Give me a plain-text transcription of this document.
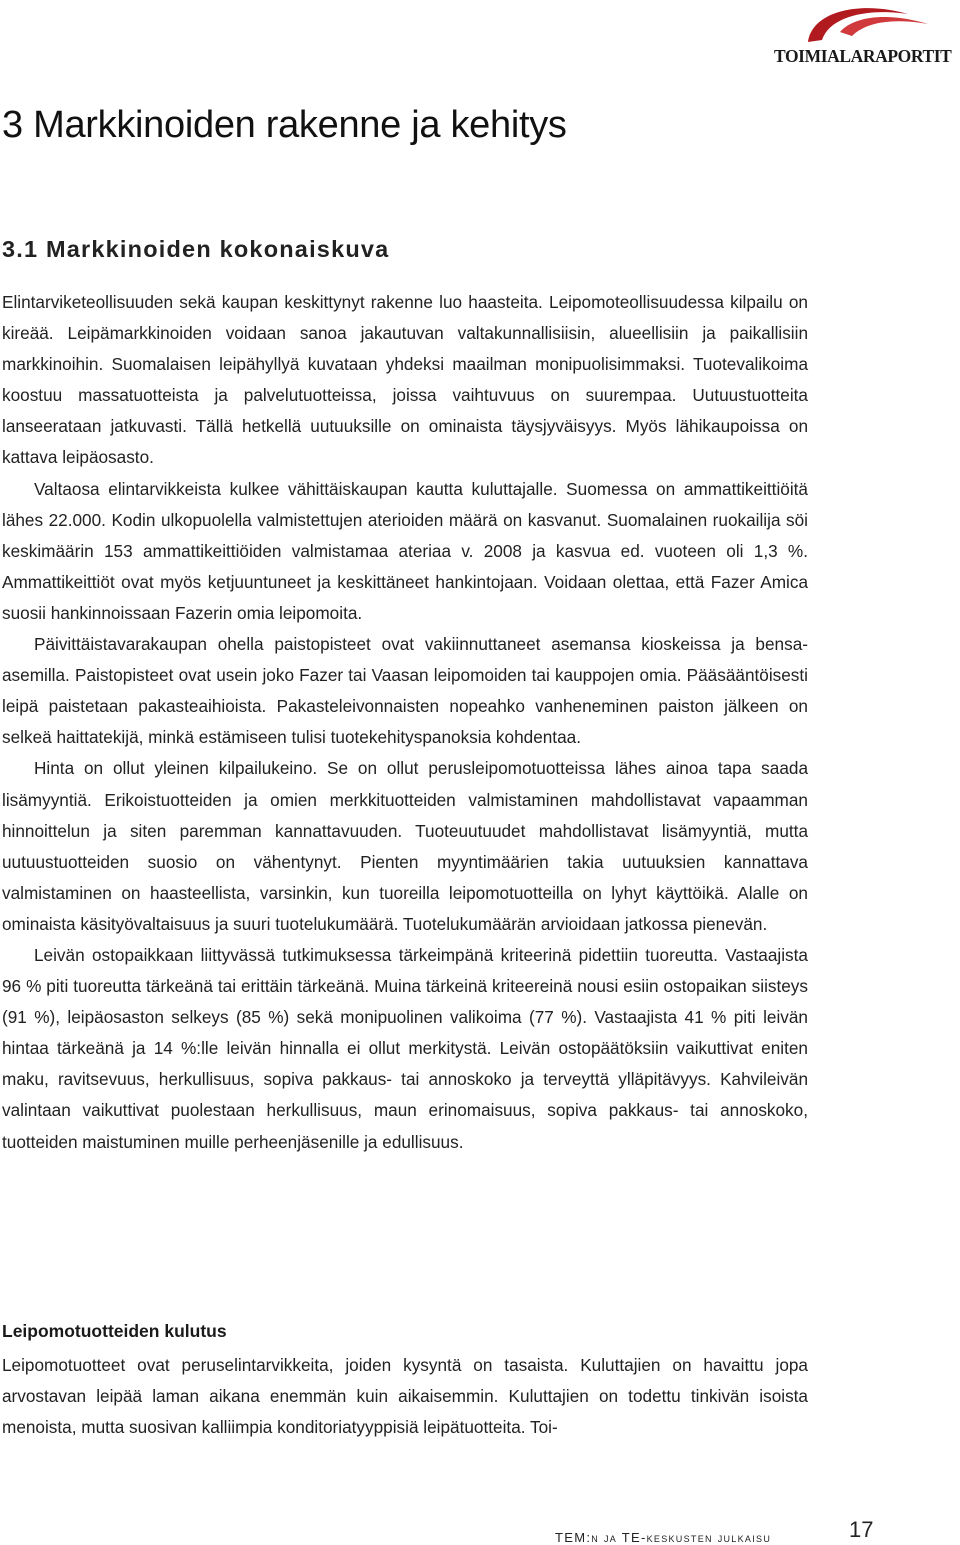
TOIMIALARAPORTIT
3 Markkinoiden rakenne ja kehitys
3.1 Markkinoiden kokonaiskuva

Elintarviketeollisuuden sekä kaupan keskittynyt rakenne luo haasteita. Leipomoteollisuudessa kilpailu on kireää. Leipämarkkinoiden voidaan sanoa jakautuvan valtakunnallisiisin, alueellisiin ja paikallisiin markkinoihin. Suomalaisen leipähyllyä kuvataan yhdeksi maailman monipuolisimmaksi. Tuotevalikoima koostuu massatuotteista ja palvelutuotteissa, joissa vaihtuvuus on suurempaa. Uutuustuotteita lanseerataan jatkuvasti. Tällä hetkellä uutuuksille on ominaista täysjyväisyys. Myös lähikaupoissa on kattava leipäosasto.

Valtaosa elintarvikkeista kulkee vähittäiskaupan kautta kuluttajalle. Suomessa on ammattikeittiöitä lähes 22.000. Kodin ulkopuolella valmistettujen aterioiden määrä on kasvanut. Suomalainen ruokailija söi keskimäärin 153 ammattikeittiöiden valmistamaa ateriaa v. 2008 ja kasvua ed. vuoteen oli 1,3 %. Ammattikeittiöt ovat myös ketjuuntuneet ja keskittäneet hankintojaan. Voidaan olettaa, että Fazer Amica suosii hankinnoissaan Fazerin omia leipomoita.

Päivittäistavarakaupan ohella paistopisteet ovat vakiinnuttaneet asemansa kioskeissa ja bensa-asemilla. Paistopisteet ovat usein joko Fazer tai Vaasan leipomoiden tai kauppojen omia. Pääsääntöisesti leipä paistetaan pakasteaihioista. Pakasteleivonnaisten nopeahko vanheneminen paiston jälkeen on selkeä haittatekijä, minkä estämiseen tulisi tuotekehityspanoksia kohdentaa.

Hinta on ollut yleinen kilpailukeino. Se on ollut perusleipomotuotteissa lähes ainoa tapa saada lisämyyntiä. Erikoistuotteiden ja omien merkkituotteiden valmistaminen mahdollistavat vapaamman hinnoittelun ja siten paremman kannattavuuden. Tuoteuutuudet mahdollistavat lisämyyntiä, mutta uutuustuotteiden suosio on vähentynyt. Pienten myyntimäärien takia uutuuksien kannattava valmistaminen on haasteellista, varsinkin, kun tuoreilla leipomotuotteilla on lyhyt käyttöikä. Alalle on ominaista käsityövaltaisuus ja suuri tuotelukumäärä. Tuotelukumäärän arvioidaan jatkossa pienevän.

Leivän ostopaikkaan liittyvässä tutkimuksessa tärkeimpänä kriteerinä pidettiin tuoreutta. Vastaajista 96 % piti tuoreutta tärkeänä tai erittäin tärkeänä. Muina tärkeinä kriteereinä nousi esiin ostopaikan siisteys (91 %), leipäosaston selkeys (85 %) sekä monipuolinen valikoima (77 %). Vastaajista 41 % piti leivän hintaa tärkeänä ja 14 %:lle leivän hinnalla ei ollut merkitystä. Leivän ostopäätöksiin vaikuttivat eniten maku, ravitsevuus, herkullisuus, sopiva pakkaus- tai annoskoko ja terveyttä ylläpitävyys. Kahvileivän valintaan vaikuttivat puolestaan herkullisuus, maun erinomaisuus, sopiva pakkaus- tai annoskoko, tuotteiden maistuminen muille perheenjäsenille ja edullisuus.

Leipomotuotteiden kulutus

Leipomotuotteet ovat peruselintarvikkeita, joiden kysyntä on tasaista. Kuluttajien on havaittu jopa arvostavan leipää laman aikana enemmän kuin aikaisemmin. Kuluttajien on todettu tinkivän isoista menoista, mutta suosivan kalliimpia konditoriatyyppisiä leipätuotteita. Toi-

TEM:n ja TE-keskusten julkaisu	17
